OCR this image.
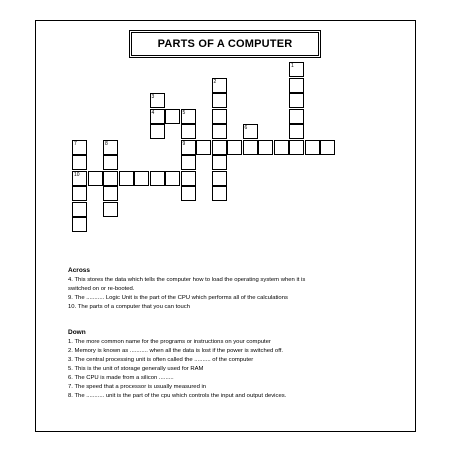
PARTS OF A COMPUTER
1
2
3
4	5
9
6
7
10
8
Across
4. This stores the data which tells the computer how to load the operating system when it is
switched on or re-booted.
9. The ........... Logic Unit is the part of the CPU which performs all of the calculations
10. The parts of a computer that you can touch
Down
1. The more common name for the programs or instructions on your computer
2. Memory is known as ........... when all the data is lost if the power is switched off.
3. The central processing unit is often called the .......... of the computer
5. This is the unit of storage generally used for RAM
6. The CPU is made from a silicon .........
7. The speed that a processor is usually measured in
8. The ........... unit is the part of the cpu which controls the input and output devices.
